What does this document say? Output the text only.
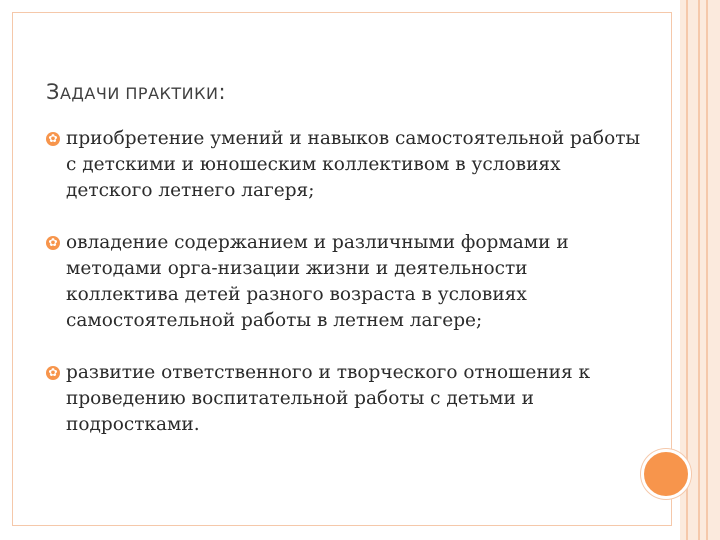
ЗАДАЧИ ПРАКТИКИ:
✿ приобретение умений и навыков самостоятельной работы с детскими и юношеским коллективом в условиях детского летнего лагеря;
✿ овладение содержанием и различными формами и методами орга-низации жизни и деятельности коллектива детей разного возраста в условиях самостоятельной работы в летнем лагере;
✿ развитие ответственного и творческого отношения к проведению воспитательной работы с детьми и подростками.
